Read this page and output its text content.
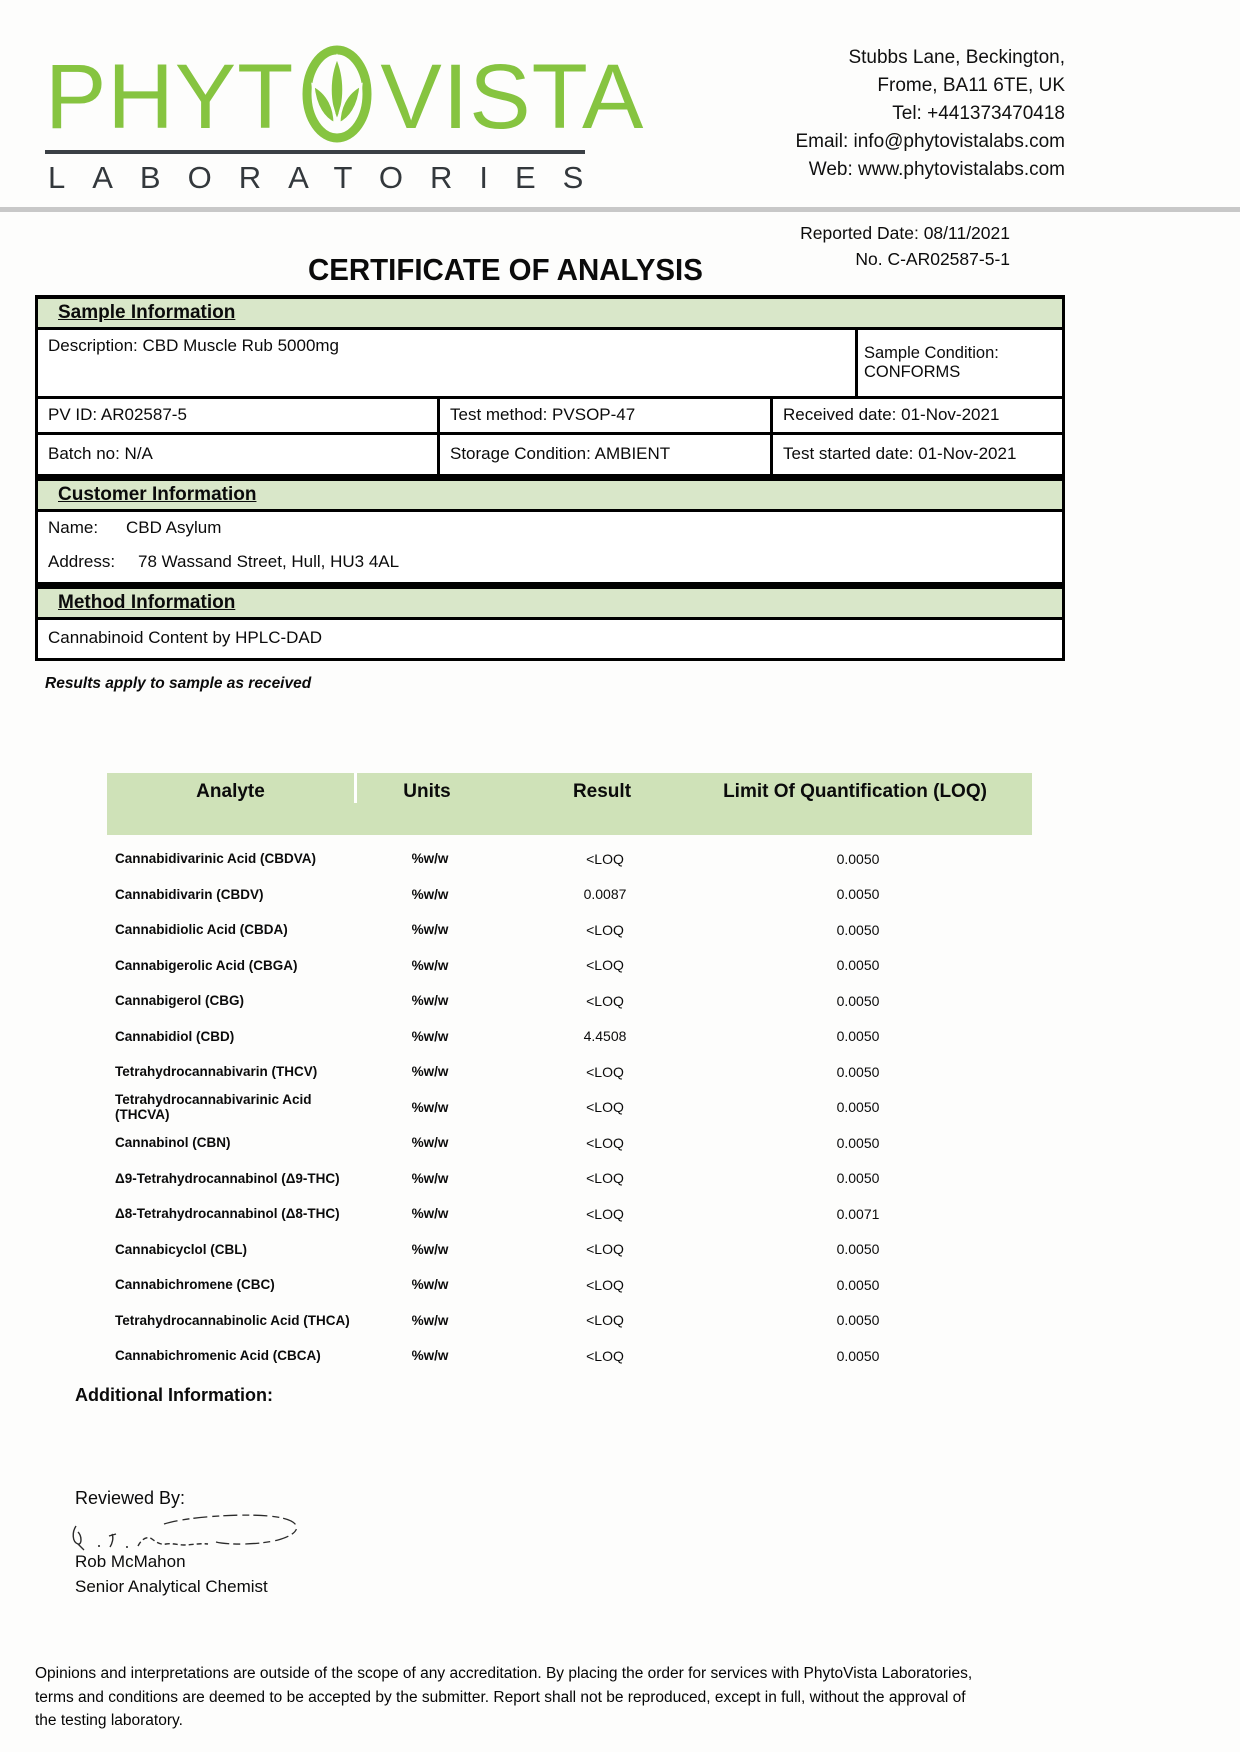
PHYT VISTA
LABORATORIES
Stubbs Lane, Beckington,
Frome, BA11 6TE, UK
Tel: +441373470418
Email: info@phytovistalabs.com
Web: www.phytovistalabs.com
Reported Date: 08/11/2021
No. C-AR02587-5-1
CERTIFICATE OF ANALYSIS
Sample Information
Description: CBD Muscle Rub 5000mg	Sample Condition: CONFORMS
PV ID: AR02587-5	Test method: PVSOP-47	Received date: 01-Nov-2021
Batch no: N/A	Storage Condition: AMBIENT	Test started date: 01-Nov-2021
Customer Information
Name:	CBD Asylum
Address:	78 Wassand Street, Hull, HU3 4AL
Method Information
Cannabinoid Content by HPLC-DAD
Results apply to sample as received
Analyte	Units	Result	Limit Of Quantification (LOQ)
Cannabidivarinic Acid (CBDVA)	%w/w	<LOQ	0.0050
Cannabidivarin (CBDV)	%w/w	0.0087	0.0050
Cannabidiolic Acid (CBDA)	%w/w	<LOQ	0.0050
Cannabigerolic Acid (CBGA)	%w/w	<LOQ	0.0050
Cannabigerol (CBG)	%w/w	<LOQ	0.0050
Cannabidiol (CBD)	%w/w	4.4508	0.0050
Tetrahydrocannabivarin (THCV)	%w/w	<LOQ	0.0050
Tetrahydrocannabivarinic Acid (THCVA)	%w/w	<LOQ	0.0050
Cannabinol (CBN)	%w/w	<LOQ	0.0050
Δ9-Tetrahydrocannabinol (Δ9-THC)	%w/w	<LOQ	0.0050
Δ8-Tetrahydrocannabinol (Δ8-THC)	%w/w	<LOQ	0.0071
Cannabicyclol (CBL)	%w/w	<LOQ	0.0050
Cannabichromene (CBC)	%w/w	<LOQ	0.0050
Tetrahydrocannabinolic Acid (THCA)	%w/w	<LOQ	0.0050
Cannabichromenic Acid (CBCA)	%w/w	<LOQ	0.0050
Additional Information:
Reviewed By:
Rob McMahon
Senior Analytical Chemist
Opinions and interpretations are outside of the scope of any accreditation. By placing the order for services with PhytoVista Laboratories,
terms and conditions are deemed to be accepted by the submitter. Report shall not be reproduced, except in full, without the approval of
the testing laboratory.
